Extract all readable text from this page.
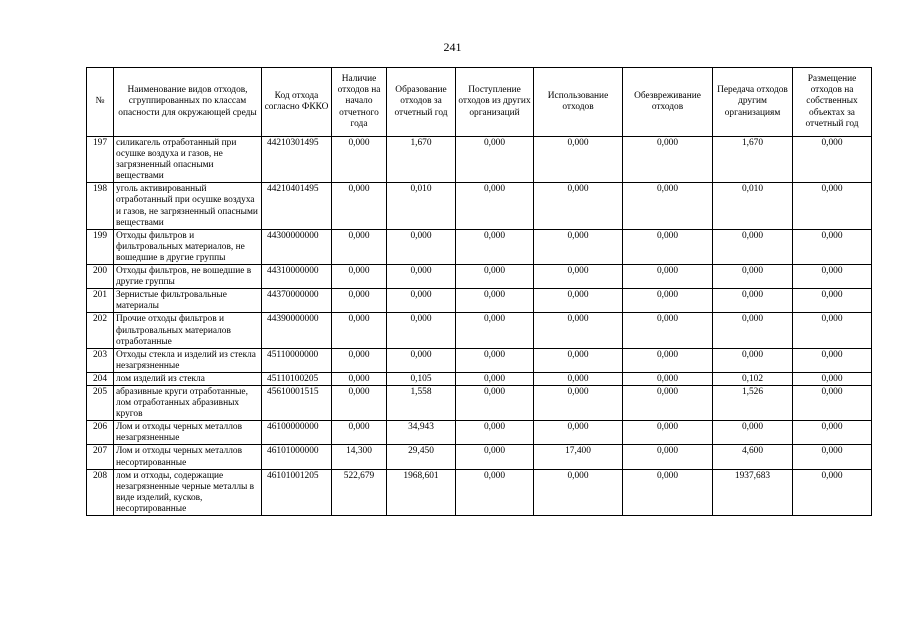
241
№	Наименование видов отходов, сгруппированных по классам опасности для окружающей среды	Код отхода согласно ФККО	Наличие отходов на начало отчетного года	Образование отходов за отчетный год	Поступление отходов из других организаций	Использование отходов	Обезвреживание отходов	Передача отходов другим организациям	Размещение отходов на собственных объектах за отчетный год
197	силикагель отработанный при осушке воздуха и газов, не загрязненный опасными веществами	44210301495	0,000	1,670	0,000	0,000	0,000	1,670	0,000
198	уголь активированный отработанный при осушке воздуха и газов, не загрязненный опасными веществами	44210401495	0,000	0,010	0,000	0,000	0,000	0,010	0,000
199	Отходы фильтров и фильтровальных материалов, не вошедшие в другие группы	44300000000	0,000	0,000	0,000	0,000	0,000	0,000	0,000
200	Отходы фильтров, не вошедшие в другие группы	44310000000	0,000	0,000	0,000	0,000	0,000	0,000	0,000
201	Зернистые фильтровальные материалы	44370000000	0,000	0,000	0,000	0,000	0,000	0,000	0,000
202	Прочие отходы фильтров и фильтровальных материалов отработанные	44390000000	0,000	0,000	0,000	0,000	0,000	0,000	0,000
203	Отходы стекла и изделий из стекла незагрязненные	45110000000	0,000	0,000	0,000	0,000	0,000	0,000	0,000
204	лом изделий из стекла	45110100205	0,000	0,105	0,000	0,000	0,000	0,102	0,000
205	абразивные круги отработанные, лом отработанных абразивных кругов	45610001515	0,000	1,558	0,000	0,000	0,000	1,526	0,000
206	Лом и отходы черных металлов незагрязненные	46100000000	0,000	34,943	0,000	0,000	0,000	0,000	0,000
207	Лом и отходы черных металлов несортированные	46101000000	14,300	29,450	0,000	17,400	0,000	4,600	0,000
208	лом и отходы, содержащие незагрязненные черные металлы в виде изделий, кусков, несортированные	46101001205	522,679	1968,601	0,000	0,000	0,000	1937,683	0,000
